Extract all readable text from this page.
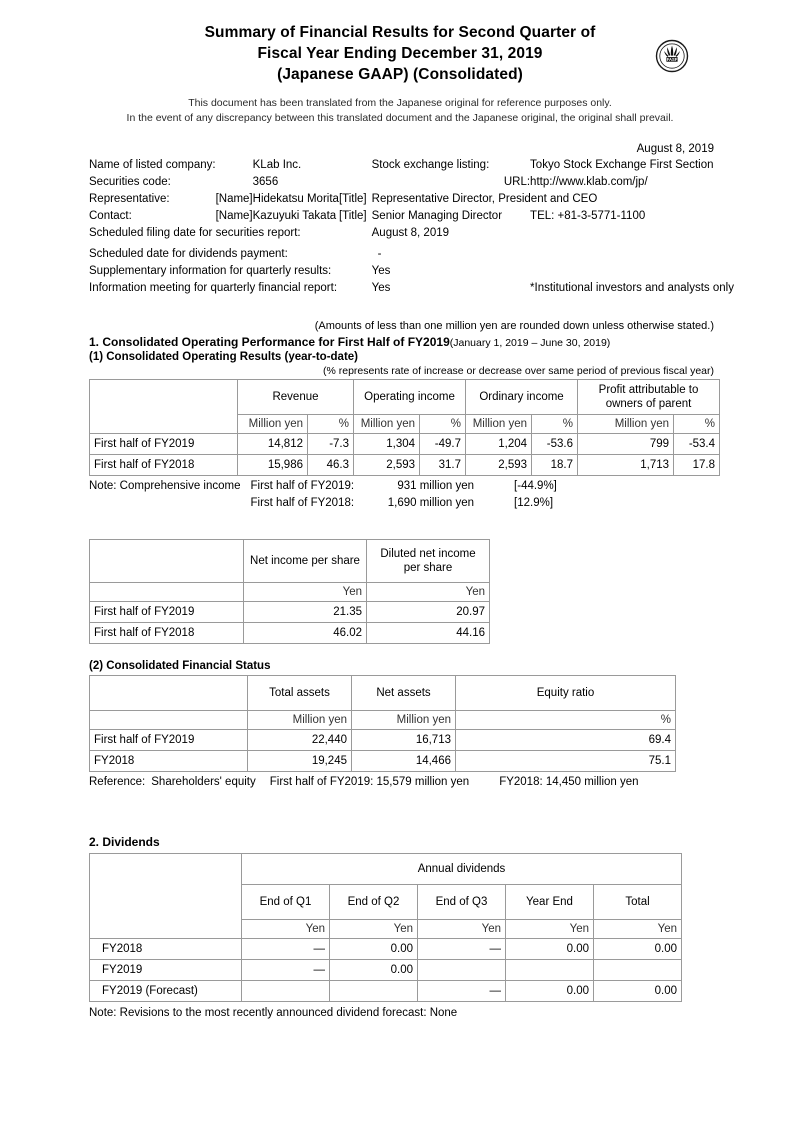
FASF
Summary of Financial Results for Second Quarter of
Fiscal Year Ending December 31, 2019
(Japanese GAAP) (Consolidated)
This document has been translated from the Japanese original for reference purposes only.
In the event of any discrepancy between this translated document and the Japanese original, the original shall prevail.
August 8, 2019
Name of listed company:		KLab Inc.		Stock exchange listing:	Tokyo Stock Exchange First Section
Securities code:		3656		URL:	http://www.klab.com/jp/
Representative:	[Name]	Hidekatsu Morita	[Title]	Representative Director, President and CEO	
Contact:	[Name]	Kazuyuki Takata	[Title]	Senior Managing Director	TEL: +81-3-5771-1100
Scheduled filing date for securities report:				August 8, 2019	
Scheduled date for dividends payment:				-	
Supplementary information for quarterly results:				Yes	
Information meeting for quarterly financial report:				Yes	*Institutional investors and analysts only
(Amounts of less than one million yen are rounded down unless otherwise stated.)
1. Consolidated Operating Performance for First Half of FY2019(January 1, 2019 – June 30, 2019)
(1) Consolidated Operating Results (year-to-date)
(% represents rate of increase or decrease over same period of previous fiscal year)
	Revenue		Operating income		Ordinary income		Profit attributable to owners of parent	
	Million yen	%	Million yen	%	Million yen	%	Million yen	%
First half of FY2019	14,812	-7.3	1,304	-49.7	1,204	-53.6	799	-53.4
First half of FY2018	15,986	46.3	2,593	31.7	2,593	18.7	1,713	17.8
Note: Comprehensive income	First half of FY2019:	931 million yen	[-44.9%]
	First half of FY2018:	1,690 million yen	[12.9%]
	Net income per share	Diluted net income per share
	Yen	Yen
First half of FY2019	21.35	20.97
First half of FY2018	46.02	44.16
(2) Consolidated Financial Status
	Total assets	Net assets	Equity ratio
	Million yen	Million yen	%
First half of FY2019	22,440	16,713	69.4
FY2018	19,245	14,466	75.1
Reference:	Shareholders' equity	First half of FY2019: 15,579 million yen	FY2018: 14,450 million yen
2. Dividends
	Annual dividends				
	End of Q1	End of Q2	End of Q3	Year End	Total
	Yen	Yen	Yen	Yen	Yen
FY2018	—	0.00	—	0.00	0.00
FY2019	—	0.00			
FY2019 (Forecast)			—	0.00	0.00
Note: Revisions to the most recently announced dividend forecast: None
